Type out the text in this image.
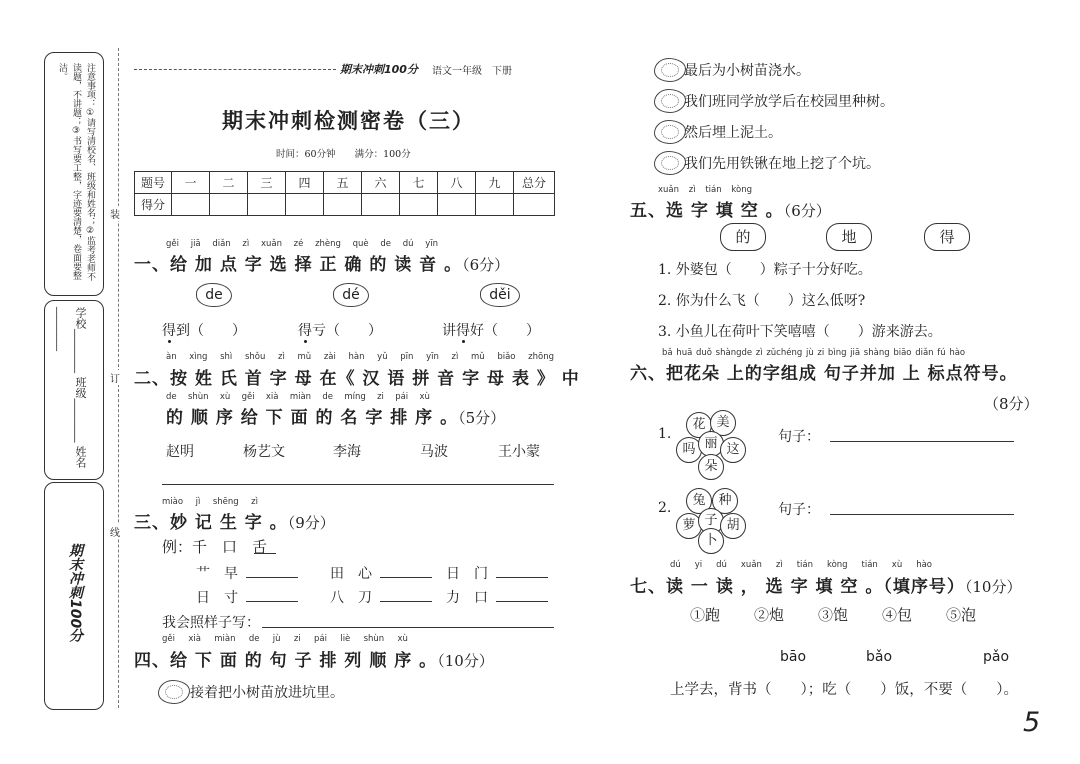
注意事项：①请写清校名、班级和姓名；②监考老师不读题，不讲题；③书写要工整，字迹要清楚，卷面要整洁。
学校________ 班级________ 姓名________
期末冲刺100分
装
订
线
期末冲刺100分 语文一年级　下册
期末冲刺检测密卷（三）
时间：60分钟　　满分：100分
题号	一	二	三	四	五	六	七	八	九	总分
得分										
gěi jiā diǎn zì xuǎn zé zhèng què de dú yīn
一、给 加 点 字 选 择 正 确 的 读 音 。（6分）
de	dé	děi
得到（　　）	得亏（　　）	讲得好（　　）
àn xìng shì shǒu zì mǔ zài hàn yǔ pīn yīn zì mǔ biǎo zhōng
二、按 姓 氏 首 字 母 在《 汉 语 拼 音 字 母 表 》 中
de shùn xù gěi xià miàn de míng zi pái xù
的 顺 序 给 下 面 的 名 字 排 序 。（5分）
赵明	杨艺文	李海	马波	王小蒙
miào jì shēng zì
三、妙 记 生 字 。（9分）
例：千　口　舌
艹　早	田　心	日　门
日　寸	八　刀	力　口
我会照样子写：
gěi xià miàn de jù zi pái liè shùn xù
四、给 下 面 的 句 子 排 列 顺 序 。（10分）
接着把小树苗放进坑里。
最后为小树苗浇水。
我们班同学放学后在校园里种树。
然后埋上泥土。
我们先用铁锹在地上挖了个坑。
xuǎn zì tián kòng
五、选 字 填 空 。（6分）
的	地	得
1. 外婆包（　　）粽子十分好吃。
2. 你为什么飞（　　）这么低呀?
3. 小鱼儿在荷叶下笑嘻嘻（　　）游来游去。
bǎ huā duǒ shàngde zì zǔchéng jù zi bìng jiā shàng biāo diǎn fú hào
六、把花朵 上的字组成 句子并加 上 标点符号。
（8分）
1.
花 美
吗 丽 这
朵
句子：
2.	兔 种
萝 子 胡
卜
句子：
dú yi dú xuǎn zì tián kòng tián xù hào
七、读 一 读 ， 选 字 填 空 。（填序号）（10分）
①跑 ②炮 ③饱 ④包 ⑤泡
bāo	bǎo	pǎo
上学去，背书（　　）；吃（　　）饭，不要（　　）。
5
